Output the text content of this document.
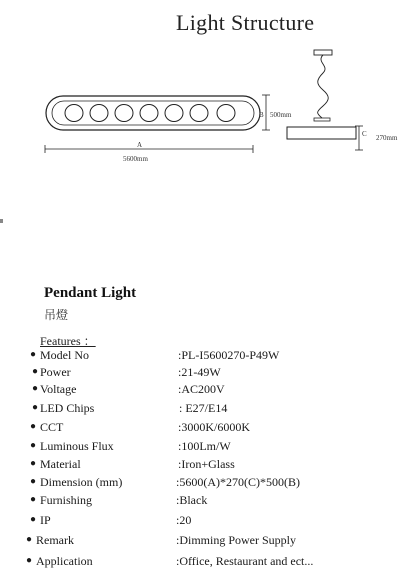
Light Structure
A
5600mm
B 500mm
C 270mm
Pendant Light
吊燈
Features ：
● Model No	:PL-I5600270-P49W
● Power	:21-49W
● Voltage	:AC200V
● LED Chips	: E27/E14
● CCT	:3000K/6000K
● Luminous Flux	:100Lm/W
● Material	:Iron+Glass
● Dimension (mm)	:5600(A)*270(C)*500(B)
● Furnishing	:Black
● IP	:20
● Remark	:Dimming Power Supply
● Application	:Office, Restaurant and ect...
